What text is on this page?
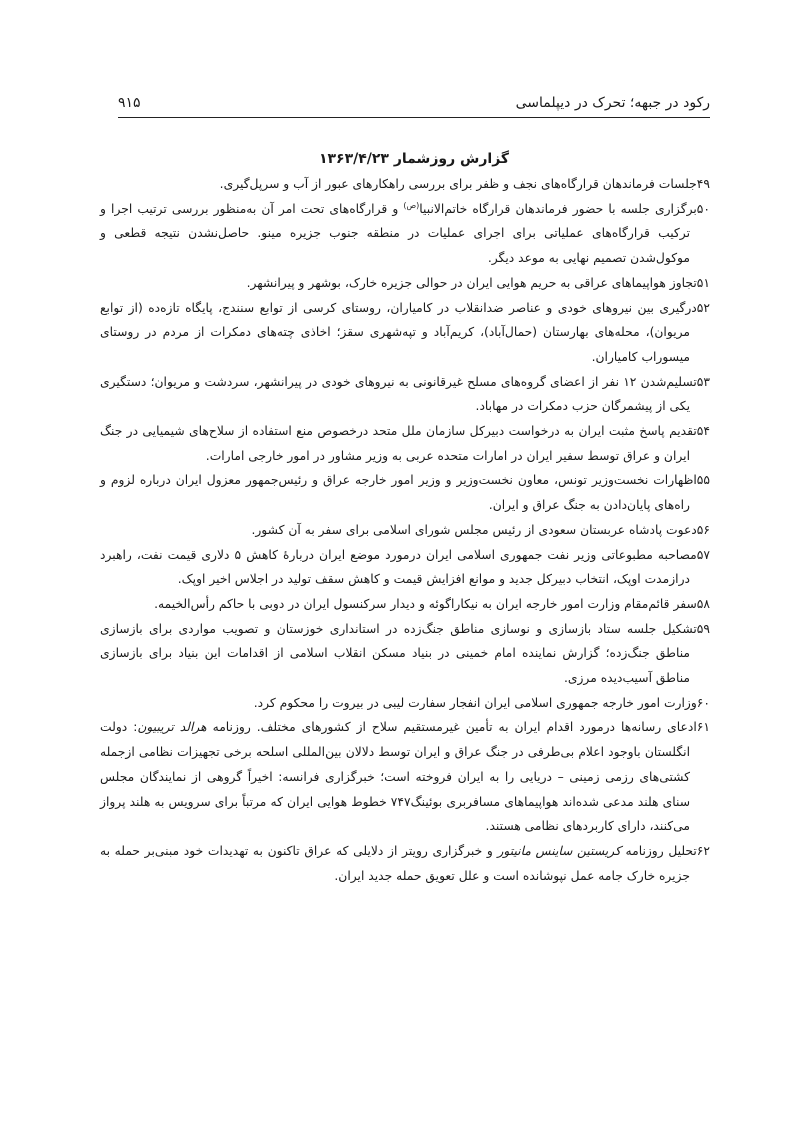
رکود در جبهه؛ تحرک در دیپلماسی
۹۱۵
گزارش روزشمار ۱۳۶۳/۴/۲۳
۴۹جلسات فرماندهان قرارگاه‌های نجف و ظفر برای بررسی راهکارهای عبور از آب و سرپل‌گیری.
۵۰برگزاری جلسه با حضور فرماندهان قرارگاه خاتم‌الانبیا$^{(ص)}$ و قرارگاه‌های تحت امر آن به‌منظور بررسی ترتیب اجرا و ترکیب قرارگاه‌های عملیاتی برای اجرای عملیات در منطقه جنوب جزیره مینو. حاصل‌نشدن نتیجه قطعی و موکول‌شدن تصمیم نهایی به موعد دیگر.
۵۱تجاوز هواپیماهای عراقی به حریم هوایی ایران در حوالی جزیره خارک، بوشهر و پیرانشهر.
۵۲درگیری بین نیروهای خودی و عناصر ضدانقلاب در کامیاران، روستای کرسی از توابع سنندج، پایگاه تازه‌ده (از توابع مریوان)، محله‌های بهارستان (حمال‌آباد)، کریم‌آباد و تپه‌شهری سقز؛ اخاذی چته‌های دمکرات از مردم در روستای میسوراب کامیاران.
۵۳تسلیم‌شدن ۱۲ نفر از اعضای گروه‌های مسلح غیرقانونی به نیروهای خودی در پیرانشهر، سردشت و مریوان؛ دستگیری یکی از پیشمرگان حزب دمکرات در مهاباد.
۵۴تقدیم پاسخ مثبت ایران به درخواست دبیرکل سازمان ملل متحد درخصوص منع استفاده از سلاح‌های شیمیایی در جنگ ایران و عراق توسط سفیر ایران در امارات متحده عربی به وزیر مشاور در امور خارجی امارات.
۵۵اظهارات نخست‌وزیر تونس، معاون نخست‌وزیر و وزیر امور خارجه عراق و رئیس‌جمهور معزول ایران درباره لزوم و راه‌های پایان‌دادن به جنگ عراق و ایران.
۵۶دعوت پادشاه عربستان سعودی از رئیس مجلس شورای اسلامی برای سفر به آن کشور.
۵۷مصاحبه مطبوعاتی وزیر نفت جمهوری اسلامی ایران درمورد موضع ایران دربارهٔ کاهش ۵ دلاری قیمت نفت، راهبرد درازمدت اوپک، انتخاب دبیرکل جدید و موانع افزایش قیمت و کاهش سقف تولید در اجلاس اخیر اوپک.
۵۸سفر قائم‌مقام وزارت امور خارجه ایران به نیکاراگوئه و دیدار سرکنسول ایران در دوبی با حاکم رأس‌الخیمه.
۵۹تشکیل جلسه ستاد بازسازی و نوسازی مناطق جنگ‌زده در استانداری خوزستان و تصویب مواردی برای بازسازی مناطق جنگ‌زده؛ گزارش نماینده امام خمینی در بنیاد مسکن انقلاب اسلامی از اقدامات این بنیاد برای بازسازی مناطق آسیب‌دیده مرزی.
۶۰وزارت امور خارجه جمهوری اسلامی ایران انفجار سفارت لیبی در بیروت را محکوم کرد.
۶۱ادعای رسانه‌ها درمورد اقدام ایران به تأمین غیرمستقیم سلاح از کشورهای مختلف. روزنامه هرالد تریبیون: دولت انگلستان باوجود اعلام بی‌طرفی در جنگ عراق و ایران توسط دلالان بین‌المللی اسلحه برخی تجهیزات نظامی ازجمله کشتی‌های رزمی زمینی – دریایی را به ایران فروخته است؛ خبرگزاری فرانسه: اخیراً گروهی از نمایندگان مجلس سنای هلند مدعی شده‌اند هواپیماهای مسافربری بوئینگ۷۴۷ خطوط هوایی ایران که مرتباً برای سرویس به هلند پرواز می‌کنند، دارای کاربردهای نظامی هستند.
۶۲تحلیل روزنامه کریستین ساینس مانیتور و خبرگزاری رویتر از دلایلی که عراق تاکنون به تهدیدات خود مبنی‌بر حمله به جزیره خارک جامه عمل نپوشانده است و علل تعویق حمله جدید ایران.
